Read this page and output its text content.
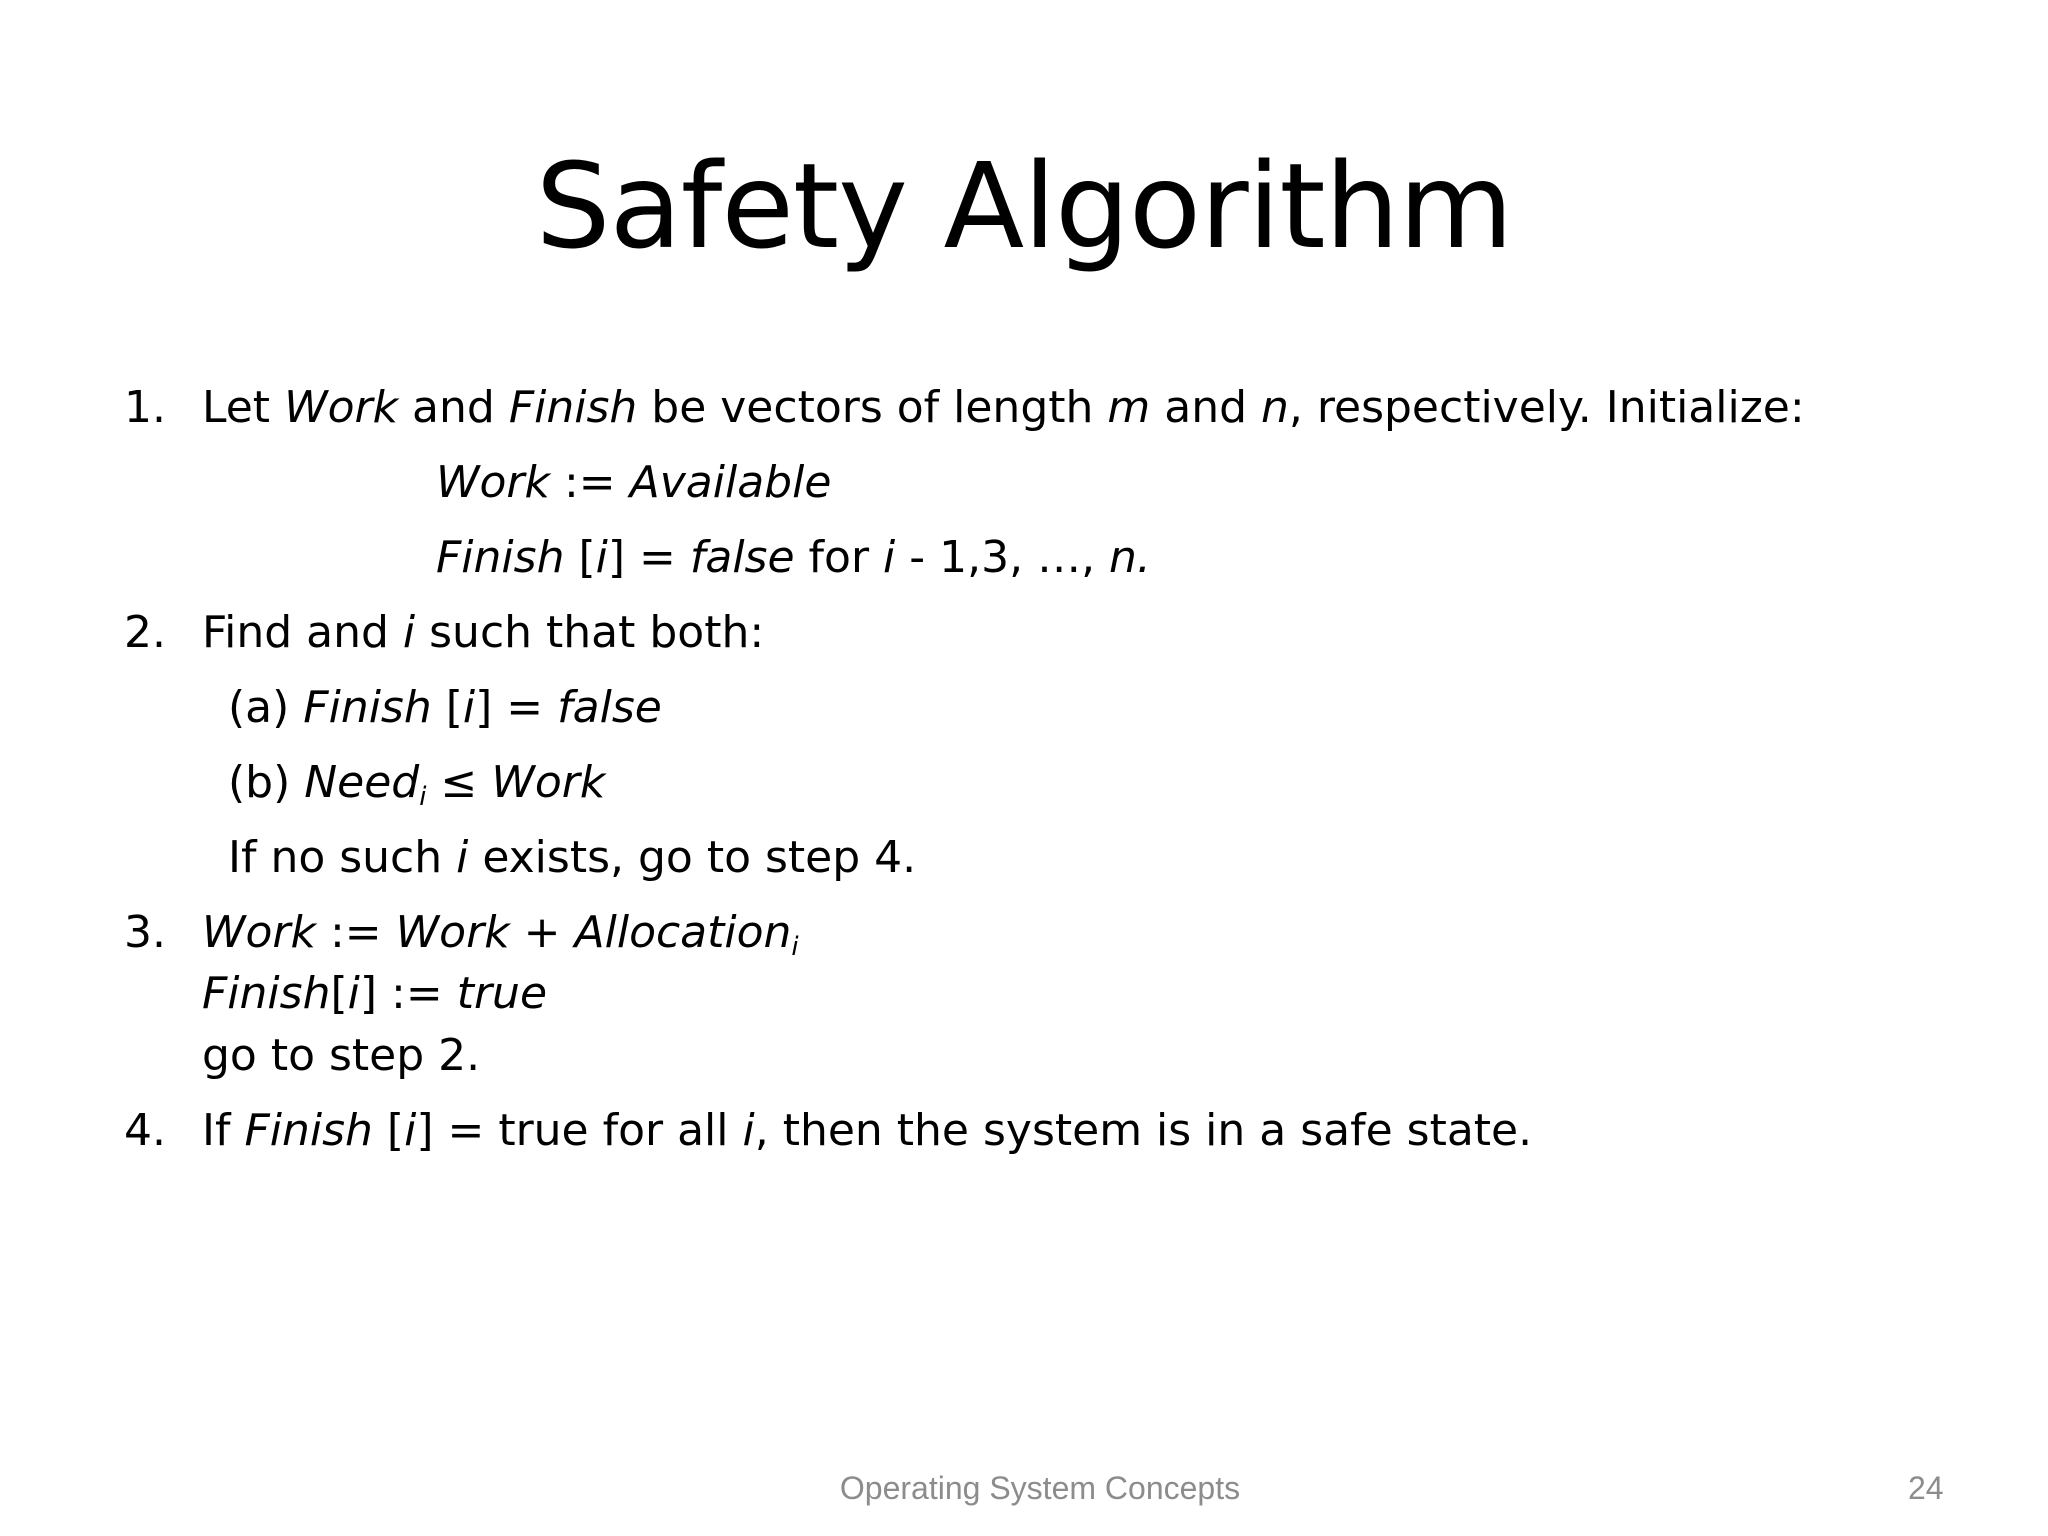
Safety Algorithm
1. Let Work and Finish be vectors of length m and n, respectively. Initialize:
Work := Available
Finish [i] = false for i - 1,3, …, n.
2. Find and i such that both:
(a) Finish [i] = false
(b) Need$_i$ ≤ Work
If no such i exists, go to step 4.
3. Work := Work + Allocation$_i$
Finish[i] := true
go to step 2.
4. If Finish [i] = true for all i, then the system is in a safe state.
Operating System Concepts	24
